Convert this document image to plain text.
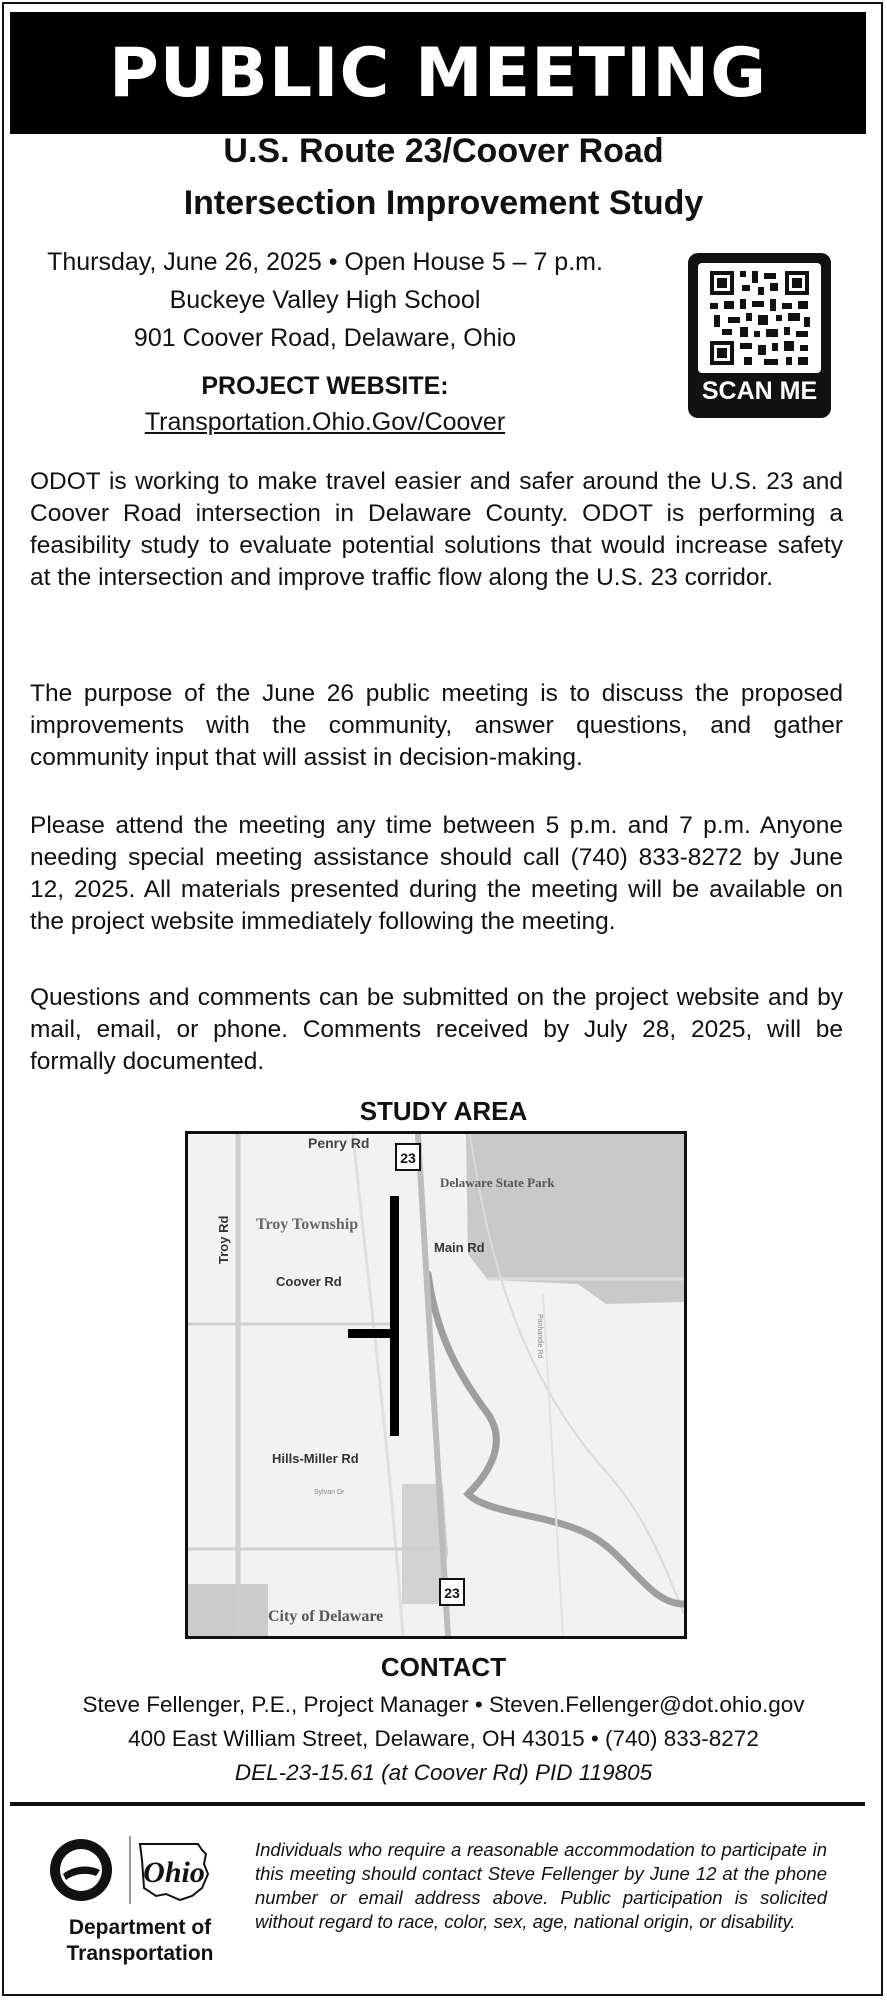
PUBLIC MEETING
U.S. Route 23/Coover Road
Intersection Improvement Study
Thursday, June 26, 2025 • Open House 5 – 7 p.m.
Buckeye Valley High School
901 Coover Road, Delaware, Ohio
PROJECT WEBSITE:
Transportation.Ohio.Gov/Coover
SCAN ME

ODOT is working to make travel easier and safer around the U.S. 23 and Coover Road intersection in Delaware County. ODOT is performing a feasibility study to evaluate potential solutions that would increase safety at the intersection and improve traffic flow along the U.S. 23 corridor.

The purpose of the June 26 public meeting is to discuss the proposed improvements with the community, answer questions, and gather community input that will assist in decision-making.

Please attend the meeting any time between 5 p.m. and 7 p.m. Anyone needing special meeting assistance should call (740) 833-8272 by June 12, 2025. All materials presented during the meeting will be available on the project website immediately following the meeting.

Questions and comments can be submitted on the project website and by mail, email, or phone. Comments received by July 28, 2025, will be formally documented.

STUDY AREA
23
23
Penry Rd
Delaware State Park
Troy Township
Main Rd
Coover Rd
Troy Rd
Hills-Miller Rd
City of Delaware
Panhandle Rd
Sylvan Dr
CONTACT
Steve Fellenger, P.E., Project Manager • Steven.Fellenger@dot.ohio.gov
400 East William Street, Delaware, OH 43015 • (740) 833-8272
DEL-23-15.61 (at Coover Rd) PID 119805
Ohio
Department of
Transportation

Individuals who require a reasonable accommodation to participate in this meeting should contact Steve Fellenger by June 12 at the phone number or email address above. Public participation is solicited without regard to race, color, sex, age, national origin, or disability.
